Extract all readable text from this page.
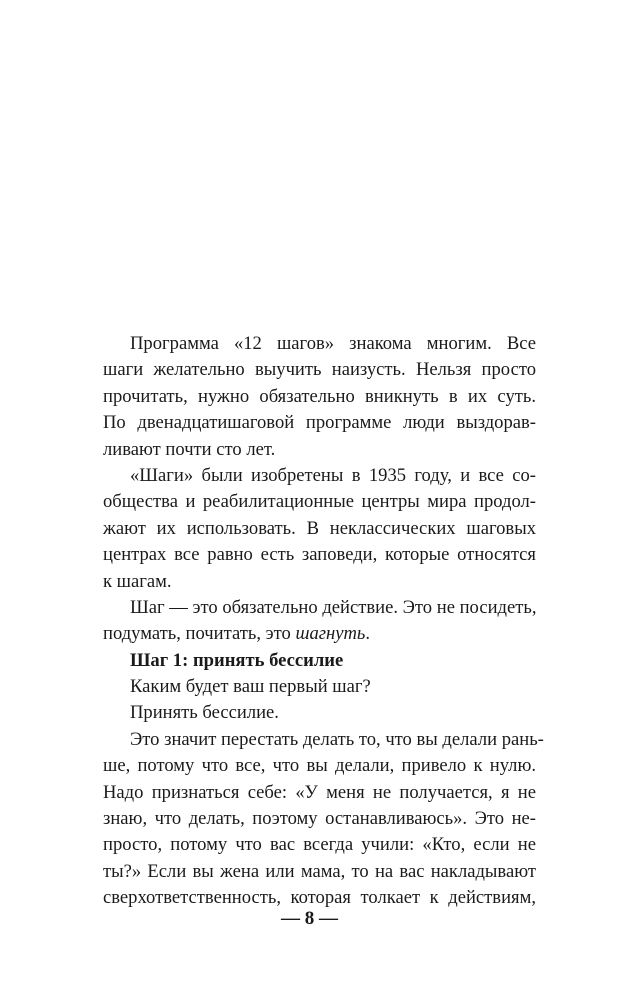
Программа «12 шагов» знакома многим. Все
шаги желательно выучить наизусть. Нельзя просто
прочитать, нужно обязательно вникнуть в их суть.
По двенадцатишаговой программе люди выздорав-
ливают почти сто лет.
«Шаги» были изобретены в 1935 году, и все со-
общества и реабилитационные центры мира продол-
жают их использовать. В неклассических шаговых
центрах все равно есть заповеди, которые относятся
к шагам.
Шаг — это обязательно действие. Это не посидеть,
подумать, почитать, это шагнуть.
Шаг 1: принять бессилие
Каким будет ваш первый шаг?
Принять бессилие.
Это значит перестать делать то, что вы делали рань-
ше, потому что все, что вы делали, привело к нулю.
Надо признаться себе: «У меня не получается, я не
знаю, что делать, поэтому останавливаюсь». Это не-
просто, потому что вас всегда учили: «Кто, если не
ты?» Если вы жена или мама, то на вас накладывают
сверхответственность, которая толкает к действиям,
— 8 —
